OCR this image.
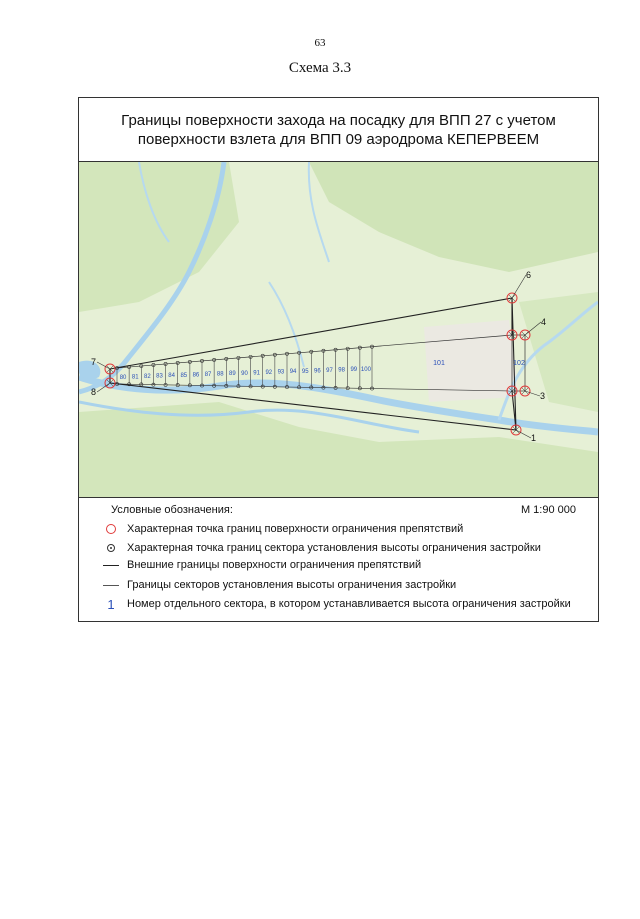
63
Схема 3.3
Границы поверхности захода на посадку для ВПП 27 с учетом поверхности взлета для ВПП 09 аэродрома КЕПЕРВЕЕМ
80 81 82 83 84 85 86 87 88 89 90 91 92 93 94 95 96 97 98 99 100
101	102
1
3
4
6
7
8
Условные обозначения:	М 1:90 000
Характерная точка границ поверхности ограничения препятствий
Характерная точка границ сектора установления высоты ограничения застройки
Внешние границы поверхности ограничения препятствий
Границы секторов установления высоты ограничения застройки
1	Номер отдельного сектора, в котором устанавливается высота ограничения застройки
